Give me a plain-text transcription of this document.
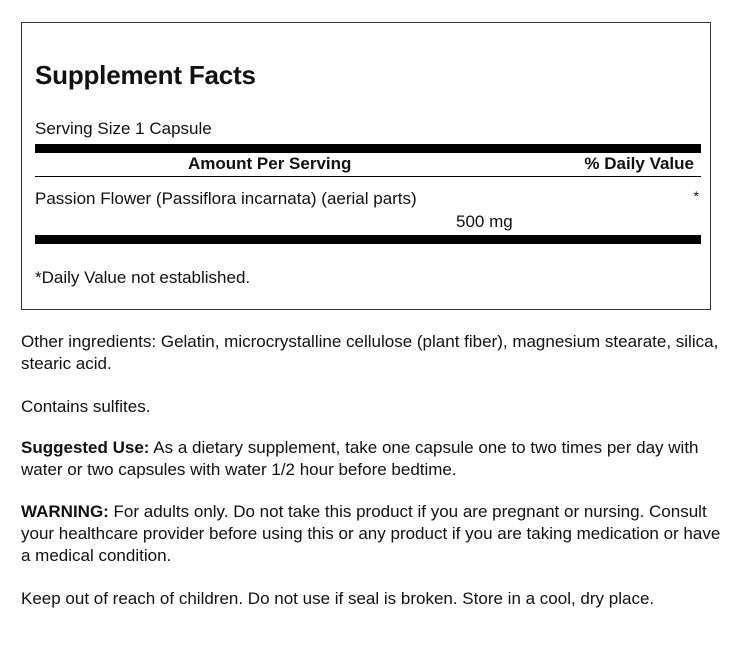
Supplement Facts
Serving Size 1 Capsule
Amount Per Serving	% Daily Value
Passion Flower (Passiflora incarnata) (aerial parts)	*
500 mg
*Daily Value not established.

Other ingredients: Gelatin, microcrystalline cellulose (plant fiber), magnesium stearate, silica, stearic acid.

Contains sulfites.

Suggested Use: As a dietary supplement, take one capsule one to two times per day with water or two capsules with water 1/2 hour before bedtime.

WARNING: For adults only. Do not take this product if you are pregnant or nursing. Consult your healthcare provider before using this or any product if you are taking medication or have a medical condition.

Keep out of reach of children. Do not use if seal is broken. Store in a cool, dry place.
